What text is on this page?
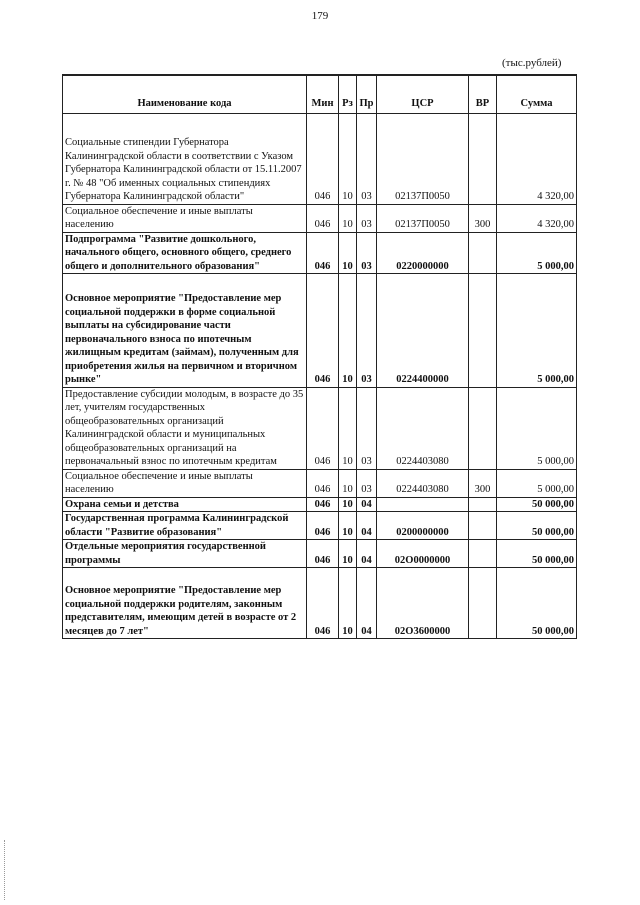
179
(тыс.рублей)
Наименование кода	Мин	Рз	Пр	ЦСР	ВР	Сумма
Социальные стипендии Губернатора Калининградской области в соответствии с Указом Губернатора Калининградской области от 15.11.2007 г. № 48 "Об именных социальных стипендиях Губернатора Калининградской области"	046	10	03	02137П0050		4 320,00
Социальное обеспечение и иные выплаты населению	046	10	03	02137П0050	300	4 320,00
Подпрограмма "Развитие дошкольного, начального общего, основного общего, среднего общего и дополнительного образования"	046	10	03	0220000000		5 000,00
Основное мероприятие "Предоставление мер социальной поддержки в форме социальной выплаты на субсидирование части первоначального взноса по ипотечным жилищным кредитам (займам), полученным для приобретения жилья на первичном и вторичном рынке"	046	10	03	0224400000		5 000,00
Предоставление субсидии молодым, в возрасте до 35 лет, учителям государственных общеобразовательных организаций Калининградской области и муниципальных общеобразовательных организаций на первоначальный взнос по ипотечным кредитам	046	10	03	0224403080		5 000,00
Социальное обеспечение и иные выплаты населению	046	10	03	0224403080	300	5 000,00
Охрана семьи и детства	046	10	04			50 000,00
Государственная программа Калининградской области "Развитие образования"	046	10	04	0200000000		50 000,00
Отдельные мероприятия государственной программы	046	10	04	02О0000000		50 000,00
Основное мероприятие "Предоставление мер социальной поддержки родителям, законным представителям, имеющим детей в возрасте от 2 месяцев до 7 лет"	046	10	04	02О3600000		50 000,00
